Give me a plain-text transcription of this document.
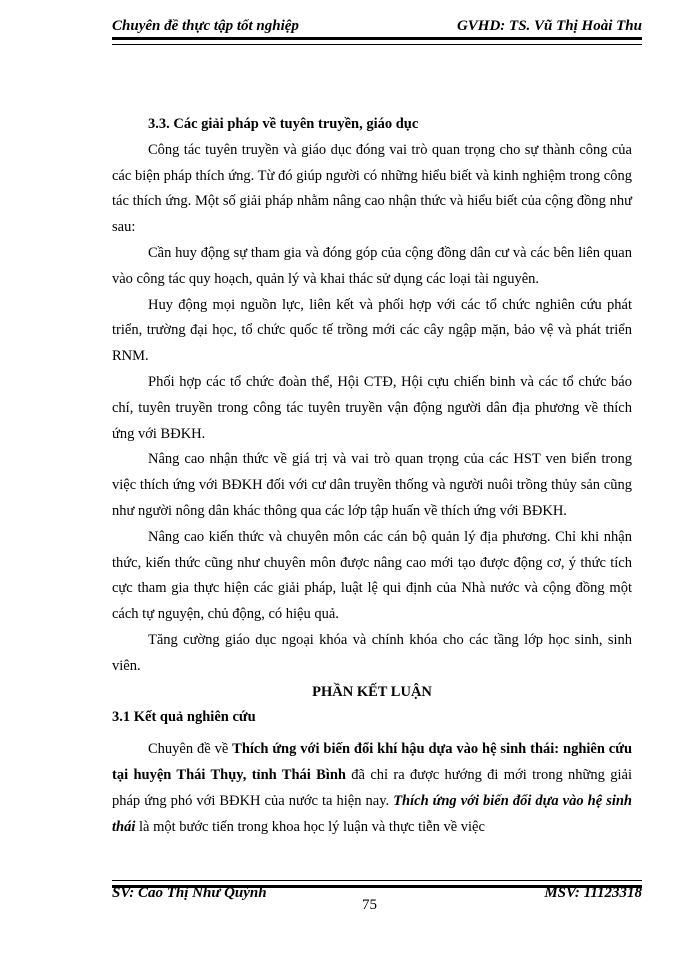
Chuyên đề thực tập tốt nghiệp	GVHD: TS. Vũ Thị Hoài Thu

3.3. Các giải pháp về tuyên truyền, giáo dục

Công tác tuyên truyền và giáo dục đóng vai trò quan trọng cho sự thành công của các biện pháp thích ứng. Từ đó giúp người có những hiểu biết và kinh nghiệm trong công tác thích ứng. Một số giải pháp nhằm nâng cao nhận thức và hiểu biết của cộng đồng như sau:

Cần huy động sự tham gia và đóng góp của cộng đồng dân cư và các bên liên quan vào công tác quy hoạch, quản lý và khai thác sử dụng các loại tài nguyên.

Huy động mọi nguồn lực, liên kết và phối hợp với các tổ chức nghiên cứu phát triển, trường đại học, tổ chức quốc tế trồng mới các cây ngập mặn, bảo vệ và phát triển RNM.

Phối hợp các tổ chức đoàn thể, Hội CTĐ, Hội cựu chiến binh và các tổ chức báo chí, tuyên truyền trong công tác tuyên truyền vận động người dân địa phương về thích ứng với BĐKH.

Nâng cao nhận thức về giá trị và vai trò quan trọng của các HST ven biển trong việc thích ứng với BĐKH đối với cư dân truyền thống và người nuôi trồng thủy sản cũng như người nông dân khác thông qua các lớp tập huấn về thích ứng với BĐKH.

Nâng cao kiến thức và chuyên môn các cán bộ quản lý địa phương. Chỉ khi nhận thức, kiến thức cũng như chuyên môn được nâng cao mới tạo được động cơ, ý thức tích cực tham gia thực hiện các giải pháp, luật lệ qui định của Nhà nước và cộng đồng một cách tự nguyện, chủ động, có hiệu quả.

Tăng cường giáo dục ngoại khóa và chính khóa cho các tầng lớp học sinh, sinh viên.

PHẦN KẾT LUẬN

3.1 Kết quả nghiên cứu

Chuyên đề về Thích ứng với biến đổi khí hậu dựa vào hệ sinh thái: nghiên cứu tại huyện Thái Thụy, tỉnh Thái Bình đã chỉ ra được hướng đi mới trong những giải pháp ứng phó với BĐKH của nước ta hiện nay. Thích ứng với biến đổi dựa vào hệ sinh thái là một bước tiến trong khoa học lý luận và thực tiễn về việc

SV: Cao Thị Như Quỳnh
75
MSV: 11123318
